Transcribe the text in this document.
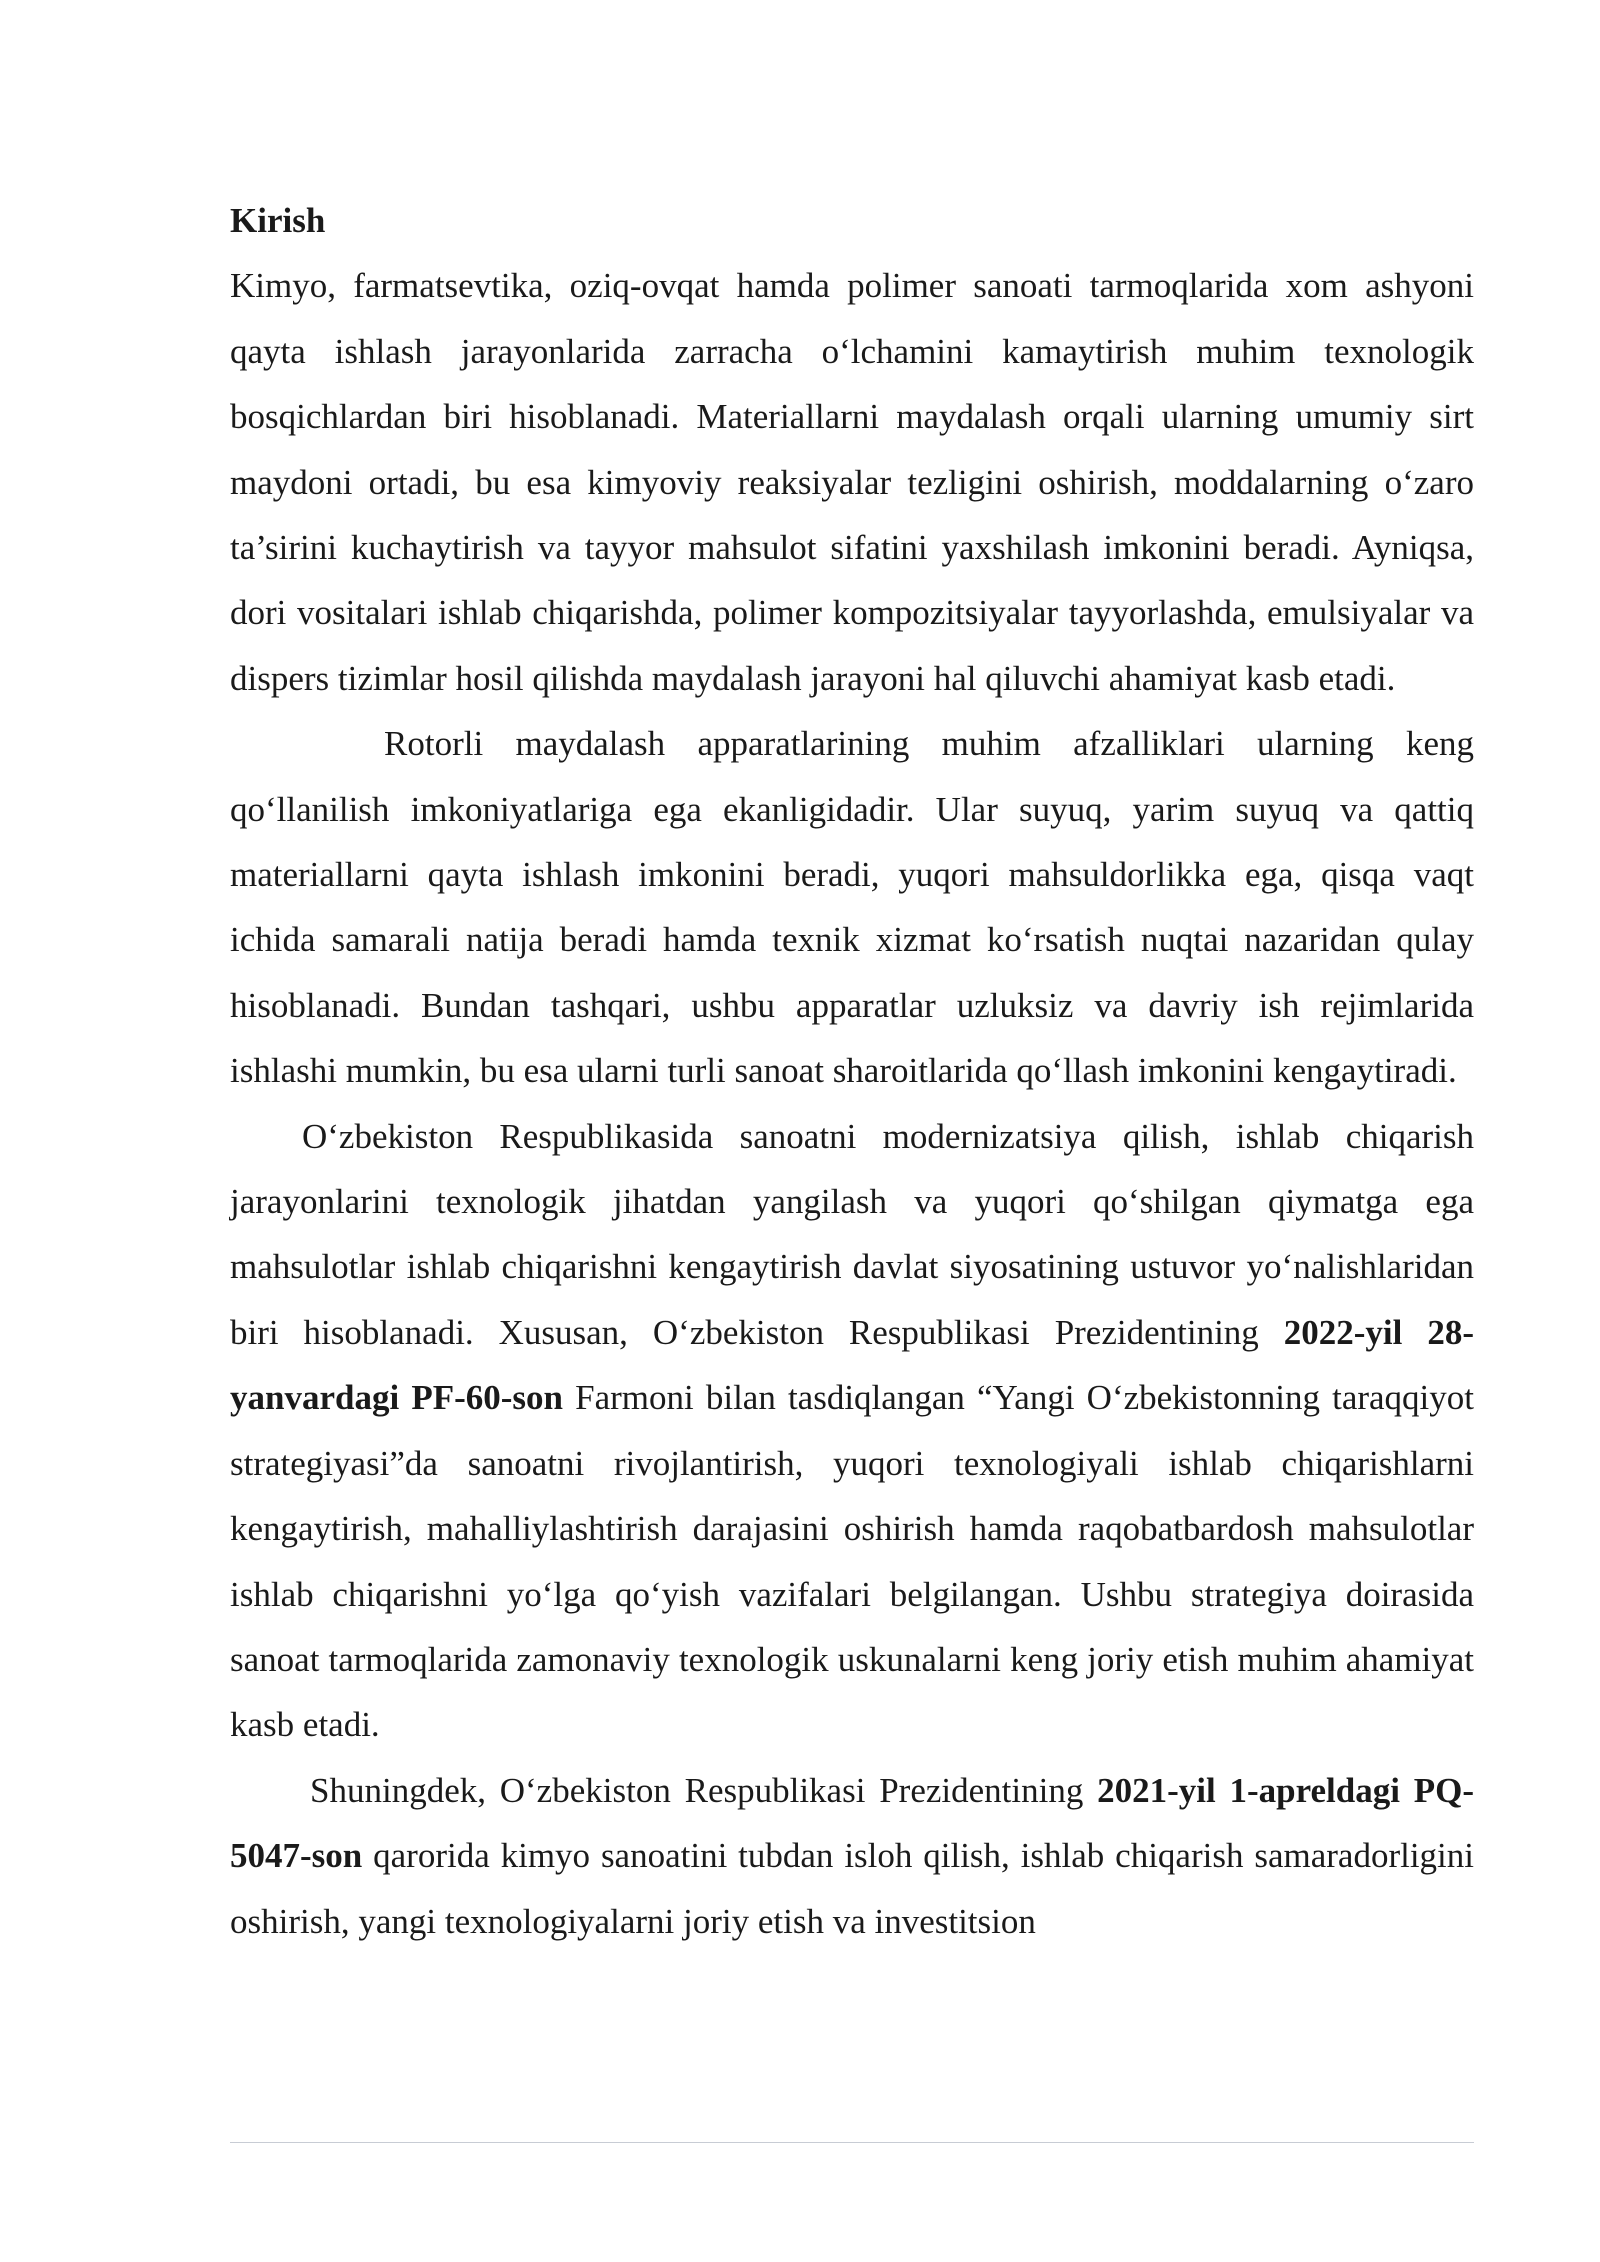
Kirish

Kimyo, farmatsevtika, oziq-ovqat hamda polimer sanoati tarmoqlarida xom ashyoni qayta ishlash jarayonlarida zarracha o‘lchamini kamaytirish muhim texnologik bosqichlardan biri hisoblanadi. Materiallarni maydalash orqali ularning umumiy sirt maydoni ortadi, bu esa kimyoviy reaksiyalar tezligini oshirish, moddalarning o‘zaro ta’sirini kuchaytirish va tayyor mahsulot sifatini yaxshilash imkonini beradi. Ayniqsa, dori vositalari ishlab chiqarishda, polimer kompozitsiyalar tayyorlashda, emulsiyalar va dispers tizimlar hosil qilishda maydalash jarayoni hal qiluvchi ahamiyat kasb etadi.

Rotorli maydalash apparatlarining muhim afzalliklari ularning keng qo‘llanilish imkoniyatlariga ega ekanligidadir. Ular suyuq, yarim suyuq va qattiq materiallarni qayta ishlash imkonini beradi, yuqori mahsuldorlikka ega, qisqa vaqt ichida samarali natija beradi hamda texnik xizmat ko‘rsatish nuqtai nazaridan qulay hisoblanadi. Bundan tashqari, ushbu apparatlar uzluksiz va davriy ish rejimlarida ishlashi mumkin, bu esa ularni turli sanoat sharoitlarida qo‘llash imkonini kengaytiradi.

O‘zbekiston Respublikasida sanoatni modernizatsiya qilish, ishlab chiqarish jarayonlarini texnologik jihatdan yangilash va yuqori qo‘shilgan qiymatga ega mahsulotlar ishlab chiqarishni kengaytirish davlat siyosatining ustuvor yo‘nalishlaridan biri hisoblanadi. Xususan, O‘zbekiston Respublikasi Prezidentining 2022-yil 28-yanvardagi PF-60-son Farmoni bilan tasdiqlangan “Yangi O‘zbekistonning taraqqiyot strategiyasi”da sanoatni rivojlantirish, yuqori texnologiyali ishlab chiqarishlarni kengaytirish, mahalliylashtirish darajasini oshirish hamda raqobatbardosh mahsulotlar ishlab chiqarishni yo‘lga qo‘yish vazifalari belgilangan. Ushbu strategiya doirasida sanoat tarmoqlarida zamonaviy texnologik uskunalarni keng joriy etish muhim ahamiyat kasb etadi.

Shuningdek, O‘zbekiston Respublikasi Prezidentining 2021-yil 1-apreldagi PQ-5047-son qarorida kimyo sanoatini tubdan isloh qilish, ishlab chiqarish samaradorligini oshirish, yangi texnologiyalarni joriy etish va investitsion
